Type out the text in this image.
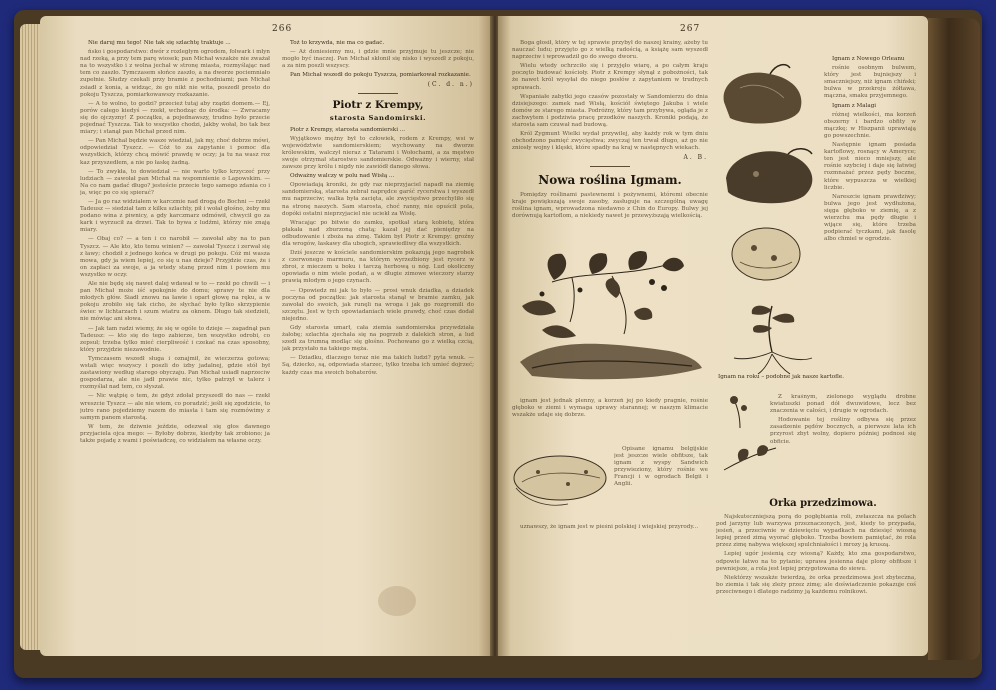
266

Nie daruj mu tego! Nie tak się szlachtę traktuje ...

ńsko i gospodarstwo: dwór z rozległym ogrodem, folwark i młyn nad rzeką, a przy tem parę wiosek; pan Michał wszakże nie zważał na to wszystko i z wolna jechał w stronę miasta, rozmyślając nad tem co zaszło. Tymczasem słońce zaszło, a na dworze pociemniało zupełnie. Słudzy czekali przy bramie z pochodniami; pan Michał zsiadł z konia, a widząc, że go nikt nie wita, poszedł prosto do pokoju Tyszcza, pomiarkowawszy rozkazanie.

— A to wolno, to godzi? przecież tutaj aby rządzi domem.— Ej, porów całego kiedyś — rzekł, wchodząc do środka: — Zwracamy się do ojczyzny! Z początku, a pojednawszy, trudno było przecie pojednać Tyszcza. Tak to wszystko chodzi, jakby wołał, bo tak bez miary; i stanął pan Michał przed nim.

— Pan Michał będzie wasze wiedział, jak my, choć dobrze mówi, odpowiedział Tyszcz. — Cóż to za zapytanie i pomoc dla wszystkich, którzy chcą mówić prawdę w oczy; ja tu na wasz roz kaz przyszedłem, a nie po łaskę żadną.

— To zwykła, to dowiedział — nie warto tylko krzyczeć przy ludziach — zawołał pan Michał na wspomnienie o Lapowskim. — Na co nam gadać długo? jesteście przecie tego samego zdania co i ja, więc po co się spierać?

— Ja go raz widziałem w karczmie nad drogą do Bochni — rzekł Tadeusz — siedział tam z kilku szlachty, pił i wołał głośno, żeby mu podano wina z piwnicy, a gdy karczmarz odmówił, chwycił go za kark i wyrzucił za drzwi. Tak to bywa z ludźmi, którzy nie znają miary.

— Obaj co? — a ten i co narobił — zawołał aby na to pan Tyszcz. — Ale kto, kto temu winien? — zawołał Tyszcz i zerwał się z ławy; chodził z jednego końca w drugi po pokoju. Cóż mi wasza mowa, gdy ja wiem lepiej, co się u nas dzieje? Przyjdzie czas, że i on zapłaci za swoje, a ja wtedy stanę przed nim i powiem mu wszystko w oczy.

Ale nie będę się nawet dalej wdawał w to — rzekł po chwili — i pan Michał może iść spokojnie do domu; sprawy te nie dla młodych głów. Siadł znowu na ławie i oparł głowę na ręku, a w pokoju zrobiło się tak cicho, że słychać było tylko skrzypienie świec w lichtarzach i szum wiatru za oknem. Długo tak siedzieli, nie mówiąc ani słowa.

— Jak tam radzi wiemy, że się w ogóle to dzieje — zagadnął pan Tadeusz: — kto się do tego zabierze, ten wszystko odrobi, co zepsuł; trzeba tylko mieć cierpliwość i czekać na czas sposobny, który przyjdzie niezawodnie.

Tymczasem wszedł sługa i oznajmił, że wieczerza gotowa; wstali więc wszyscy i poszli do izby jadalnej, gdzie stół był zastawiony według starego obyczaju. Pan Michał usiadł naprzeciw gospodarza, ale nie jadł prawie nic, tylko patrzył w talerz i rozmyślał nad tem, co słyszał.

— Nic wątpię o tem, że gdyż zdołał przyszedł do nas — rzekł wreszcie Tyszcz — ale nie wiem, co poradzić; jeśli się zgodzicie, to jutro rano pojedziemy razem do miasta i tam się rozmówimy z samym panem starostą.

W tem, że dziwnie jeździe, odezwał się głos dawnego przyjaciela ojca mego: — Byłoby dobrze, kiedyby tak zrobiono; ja także pojadę z wami i poświadczę, co widziałem na własne oczy.

Toż to krzywda, nie ma co gadać.

— Aż doniesiemy mu, i gdzie mnie przyjmuje tu jeszcze; nie mogło być inaczej. Pan Michał skłonił się nisko i wyszedł z pokoju, a za nim poszli wszyscy.

Pan Michał wszedł do pokoju Tyszcza, pomiarkował rozkazanie.

(C. d. n.)
Piotr z Krempy,
starosta Sandomirski.

Piotr z Krempy, starosta sandomierski ...

Wyjątkowo mężny był to człowiek, rodem z Krempy, wsi w województwie sandomierskiem; wychowany na dworze królewskim, walczył nieraz z Tatarami i Wołochami, a za męstwo swoje otrzymał starostwo sandomierskie. Odważny i wierny, stał zawsze przy królu i nigdy nie zawiódł danego słowa.

Odważny walczy w polu nad Wisłą ...

Opowiadają kroniki, że gdy raz nieprzyjaciel napadł na ziemię sandomierską, starosta zebrał naprędce garść rycerstwa i wyszedł mu naprzeciw; walka była zacięta, ale zwycięstwo przechyliło się na stronę naszych. Sam starosta, choć ranny, nie opuścił pola, dopóki ostatni nieprzyjaciel nie uciekł za Wisłę.

Wracając po bitwie do zamku, spotkał starą kobietę, która płakała nad zburzoną chatą; kazał jej dać pieniędzy na odbudowanie i zboża na zimę. Takim był Piotr z Krempy: groźny dla wrogów, łaskawy dla ubogich, sprawiedliwy dla wszystkich.

Dziś jeszcze w kościele sandomierskim pokazują jego nagrobek z czerwonego marmuru, na którym wyrzeźbiony jest rycerz w zbroi, z mieczem u boku i tarczą herbową u nóg. Lud okoliczny opowiada o nim wiele podań, a w długie zimowe wieczory starzy prawią młodym o jego czynach.

— Opowiedz mi jak to było — prosi wnuk dziadka, a dziadek poczyna od początku: jak starosta stanął w bramie zamku, jak zawołał do swoich, jak runęli na wroga i jak go rozgromili do szczętu. Jest w tych opowiadaniach wiele prawdy, choć czas dodał niejedno.

Gdy starosta umarł, cała ziemia sandomierska przywdziała żałobę; szlachta zjechała się na pogrzeb z dalekich stron, a lud szedł za trumną modląc się głośno. Pochowano go z wielką czcią, jak przystało na takiego męża.

— Dziadku, dlaczego teraz nie ma takich ludzi? pyta wnuk. — Są, dziecko, są, odpowiada starzec, tylko trzeba ich umieć dojrzeć; każdy czas ma swoich bohaterów.

267

Boga głosił, który w tej sprawie przybył do naszej krainy, ażeby tu nauczać ludu; przyjęto go z wielką radością, a książę sam wyszedł naprzeciw i wprowadził go do swego dworu.

Wielu wtedy ochrzciło się i przyjęło wiarę, a po całym kraju poczęto budować kościoły. Piotr z Krempy słynął z pobożności, tak że nawet król wysyłał do niego posłów z zapytaniem w trudnych sprawach.

Wspaniałe zabytki jego czasów pozostały w Sandomierzu do dnia dzisiejszego: zamek nad Wisłą, kościół świętego Jakuba i wiele domów ze starego miasta. Podróżny, który tam przybywa, ogląda je z zachwytem i podziwia pracę przodków naszych. Kroniki podają, że starosta sam czuwał nad budową.

Król Zygmunt Wielki wydał przywilej, aby każdy rok w tym dniu obchodzono pamięć zwycięstwa; zwyczaj ten trwał długo, aż go nie zniosły wojny i klęski, które spadły na kraj w następnych wiekach.

A. B.
Nowa roślina Igmam.

Pomiędzy roślinami pastewnemi i pożywnemi, któremi obecnie kraje powiększają swoje zasoby, zasługuje na szczególną uwagę roślina ignam, wprowadzona niedawno z Chin do Europy. Bulwy jej dorównują kartoflom, a niekiedy nawet je przewyższają wielkością.

ignam jest jednak plenny, a korzeń jej po kiedy pragnie, rośnie głęboko w ziemi i wymaga uprawy starannej; w naszym klimacie wszakże udaje się dobrze.

Opisane ignamu belgijskie jest jeszcze wiele obfitsze, tak ignam z wyspy Sandwich przywieziony, który rośnie we Francji i w ogrodach Belgii i Anglii.

uznawszy, że ignam jest w pieśni polskiej i wiejskiej przyrody...

Ignam z Nowego Orleanu

rośnie osobnym bulwem, który jest bujniejszy i smaczniejszy, niż ignam chiński; bulwa w przekroju żółtawa, mączna, smaku przyjemnego.

Ignam z Malagi

różnej wielkości, ma korzeń obszerny i bardzo obfity w mączkę; w Hiszpanii uprawiają go powszechnie.

Następnie ignam posiada kartoflowy, rosnący w Ameryce; ten jest nieco mniejszy, ale rośnie szybciej i daje się łatwiej rozmnażać przez pędy boczne, które wypuszcza w wielkiej liczbie.

Nareszcie ignam prawdziwy; bulwa jego jest wydłużona, sięga głęboko w ziemię, a z wierzchu ma pędy długie i wijące się, które trzeba podpierać tyczkami, jak fasolę albo chmiel w ogrodzie.

Ignam na roku – podobne jak nasze kartofle.

Z kraśnym, zielonego wyglądu drobne kwiatuszki ponad dół dwuwidowe, lecz bez znaczenia w całości, i drugie w ogrodach.

Hodowanie tej rośliny odbywa się przez zasadzenie pędów bocznych, a pierwsze lata ich przyrost zbyt wolny, dopiero później podnosi się obficie.

Orka przedzimowa.

Najskuteczniejszą porą do pogłębiania roli, zwłaszcza na polach pod jarzyny lub warzywa przeznaczonych, jest, kiedy to przypada, jesień, a przeciwnie w dziewięciu wypadkach na dziesięć wiosną lepiej przed zimą wyorać głęboko. Trzeba bowiem pamiętać, że rola przez zimę nabywa większej spulchniałości i mrozy ją kruszą.

Lepiej ugór jesienią czy wiosną? Każdy, kto zna gospodarstwo, odpowie łatwo na to pytanie; uprawa jesienna daje plony obfitsze i pewniejsze, a rola jest lepiej przygotowana do siewu.

Niektórzy wszakże twierdzą, że orka przedzimowa jest zbyteczna, bo ziemia i tak się zleży przez zimę; ale doświadczenie pokazuje coś przeciwnego i dlatego radzimy ją każdemu rolnikowi.
